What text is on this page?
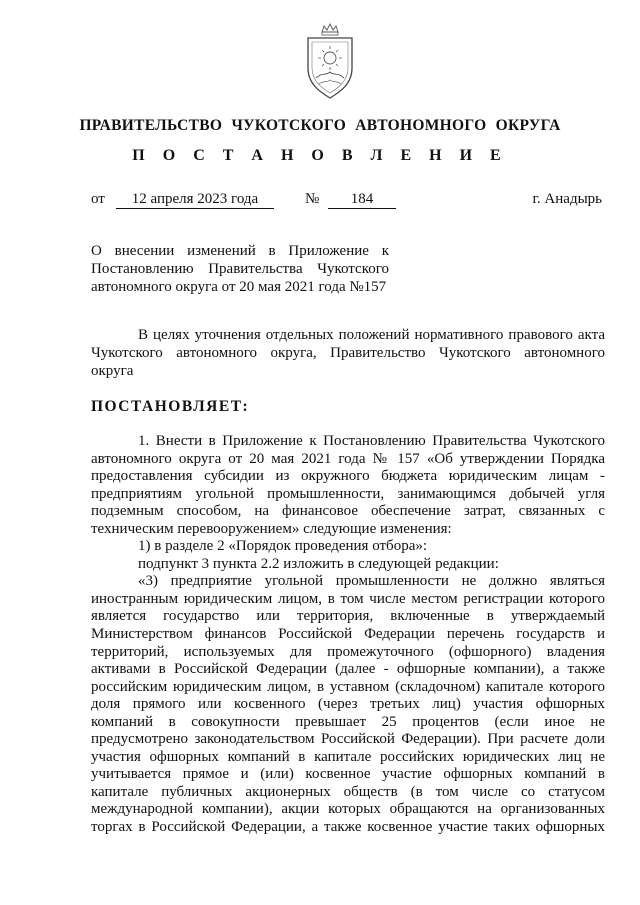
ПРАВИТЕЛЬСТВО ЧУКОТСКОГО АВТОНОМНОГО ОКРУГА
П О С Т А Н О В Л Е Н И Е
от	12 апреля 2023 года	№	184	г. Анадырь
О внесении изменений в Приложение к
Постановлению Правительства Чукотского
автономного округа от 20 мая 2021 года №157
В целях уточнения отдельных положений нормативного правового акта
Чукотского автономного округа, Правительство Чукотского автономного
округа
ПОСТАНОВЛЯЕТ:
1. Внести в Приложение к Постановлению Правительства Чукотского
автономного округа от 20 мая 2021 года № 157 «Об утверждении Порядка
предоставления субсидии из окружного бюджета юридическим лицам -
предприятиям угольной промышленности, занимающимся добычей угля
подземным способом, на финансовое обеспечение затрат, связанных с
техническим перевооружением» следующие изменения:
1) в разделе 2 «Порядок проведения отбора»:
подпункт 3 пункта 2.2 изложить в следующей редакции:
«3) предприятие угольной промышленности не должно являться
иностранным юридическим лицом, в том числе местом регистрации которого
является государство или территория, включенные в утверждаемый
Министерством финансов Российской Федерации перечень государств и
территорий, используемых для промежуточного (офшорного) владения
активами в Российской Федерации (далее - офшорные компании), а также
российским юридическим лицом, в уставном (складочном) капитале которого
доля прямого или косвенного (через третьих лиц) участия офшорных
компаний в совокупности превышает 25 процентов (если иное не
предусмотрено законодательством Российской Федерации). При расчете доли
участия офшорных компаний в капитале российских юридических лиц не
учитывается прямое и (или) косвенное участие офшорных компаний в
капитале публичных акционерных обществ (в том числе со статусом
международной компании), акции которых обращаются на организованных
торгах в Российской Федерации, а также косвенное участие таких офшорных
